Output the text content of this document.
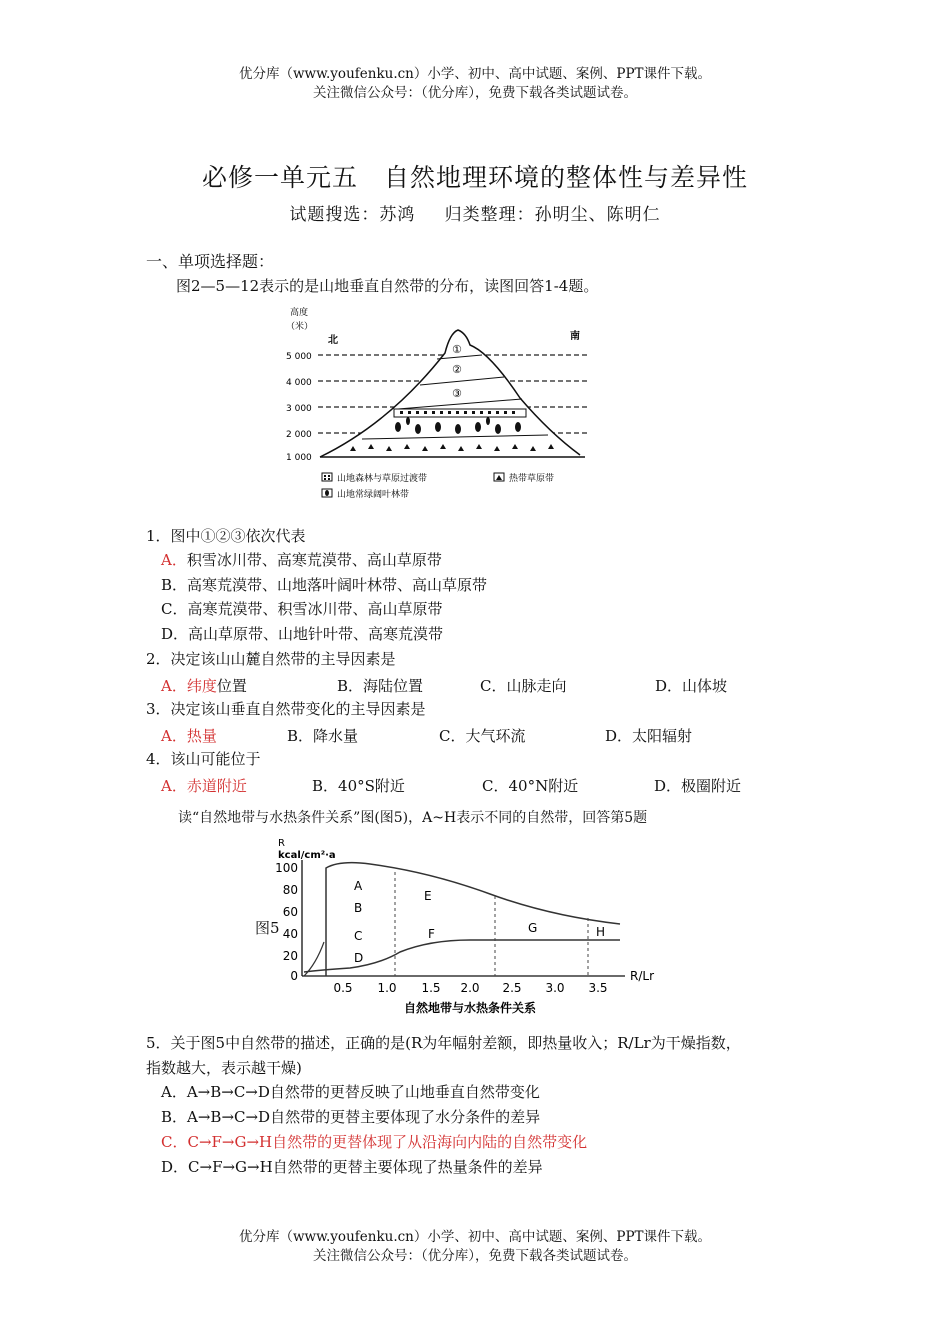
优分库（www.youfenku.cn）小学、初中、高中试题、案例、PPT课件下载。
关注微信公众号：（优分库），免费下载各类试题试卷。
必修一单元五　自然地理环境的整体性与差异性
试题搜选：苏鸿　 归类整理：孙明尘、陈明仁
一、单项选择题：
图2—5—12表示的是山地垂直自然带的分布，读图回答1-4题。
高度
（米）
北	南
5 000
4 000
3 000
2 000
1 000
①
②
③
山地森林与草原过渡带	热带草原带
山地常绿阔叶林带
1．图中①②③依次代表
A．积雪冰川带、高寒荒漠带、高山草原带
B．高寒荒漠带、山地落叶阔叶林带、高山草原带
C．高寒荒漠带、积雪冰川带、高山草原带
D．高山草原带、山地针叶带、高寒荒漠带
2．决定该山山麓自然带的主导因素是
A．纬度位置	B．海陆位置	C．山脉走向	D．山体坡
3．决定该山垂直自然带变化的主导因素是
A．热量	B．降水量	C．大气环流	D．太阳辐射
4．该山可能位于
A．赤道附近	B．40°S附近	C．40°N附近	D．极圈附近
读“自然地带与水热条件关系”图(图5)，A~H表示不同的自然带，回答第5题
图5
R
kcal/cm²·a
100
80
60
40
20
0
A
B
C
D
E
F	G	H
0.5 1.0 1.5 2.0 2.5 3.0 3.5
R/Lr
自然地带与水热条件关系
5．关于图5中自然带的描述，正确的是(R为年幅射差额，即热量收入；R/Lr为干燥指数，
指数越大，表示越干燥)
A．A→B→C→D自然带的更替反映了山地垂直自然带变化
B．A→B→C→D自然带的更替主要体现了水分条件的差异
C．C→F→G→H自然带的更替体现了从沿海向内陆的自然带变化
D．C→F→G→H自然带的更替主要体现了热量条件的差异
优分库（www.youfenku.cn）小学、初中、高中试题、案例、PPT课件下载。
关注微信公众号：（优分库），免费下载各类试题试卷。
